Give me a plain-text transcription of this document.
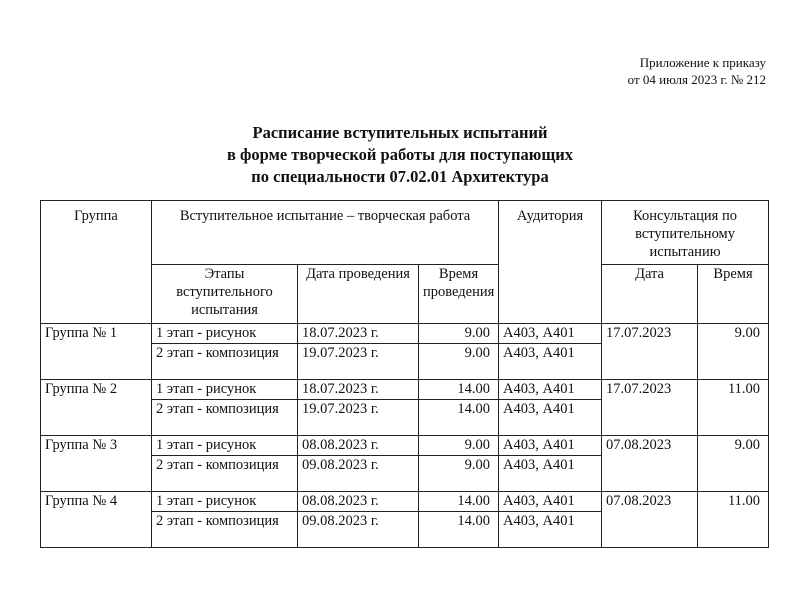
Приложение к приказу
от 04 июля 2023 г. № 212
Расписание вступительных испытаний
в форме творческой работы для поступающих
по специальности 07.02.01 Архитектура
Группа	Вступительное испытание – творческая работа			Аудитория	Консультация по вступительному испытанию	
	Этапы вступительного испытания	Дата проведения	Время проведения		Дата	Время
Группа № 1	1 этап - рисунок	18.07.2023 г.	9.00	А403, А401	17.07.2023	9.00
	2 этап - композиция	19.07.2023 г.	9.00	А403, А401		
Группа № 2	1 этап - рисунок	18.07.2023 г.	14.00	А403, А401	17.07.2023	11.00
	2 этап - композиция	19.07.2023 г.	14.00	А403, А401		
Группа № 3	1 этап - рисунок	08.08.2023 г.	9.00	А403, А401	07.08.2023	9.00
	2 этап - композиция	09.08.2023 г.	9.00	А403, А401		
Группа № 4	1 этап - рисунок	08.08.2023 г.	14.00	А403, А401	07.08.2023	11.00
	2 этап - композиция	09.08.2023 г.	14.00	А403, А401		
